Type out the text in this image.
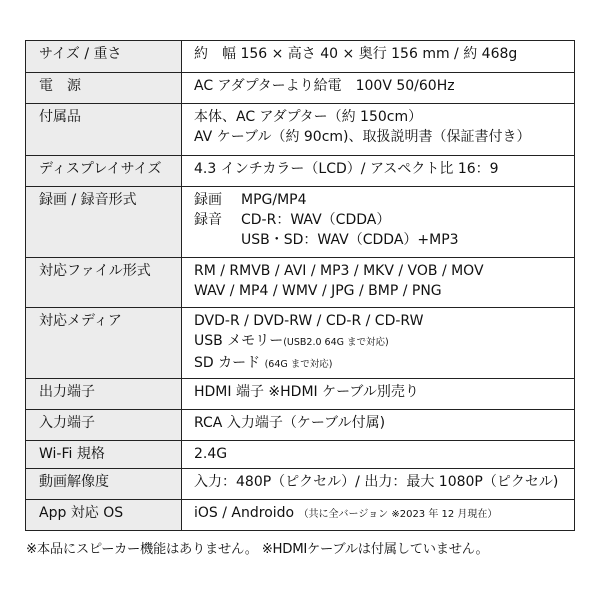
サイズ / 重さ	約　幅 156 × 高さ 40 × 奥行 156 mm / 約 468g

電　源	AC アダプターより給電　100V 50/60Hz

付属品	本体、AC アダプター（約 150cm）
AV ケーブル（約 90cm)、取扱説明書（保証書付き）

ディスプレイサイズ	4.3 インチカラー（LCD）/ アスペクト比 16：9

録画 / 録音形式	録画 MPG/MP4
録音 CD-R：WAV（CDDA）
USB・SD：WAV（CDDA）+MP3

対応ファイル形式	RM / RMVB / AVI / MP3 / MKV / VOB / MOV
WAV / MP4 / WMV / JPG / BMP / PNG

対応メディア	DVD-R / DVD-RW / CD-R / CD-RW
USB メモリー(USB2.0 64G まで対応)
SD カード (64G まで対応)

出力端子	HDMI 端子 ※HDMI ケーブル別売り

入力端子	RCA 入力端子（ケーブル付属)

Wi-Fi 規格	2.4G

動画解像度	入力：480P（ピクセル）/ 出力：最大 1080P（ピクセル)

App 対応 OS	iOS / Androido （共に全バージョン ※2023 年 12 月現在）
※本品にスピーカー機能はありません。 ※HDMIケーブルは付属していません。
